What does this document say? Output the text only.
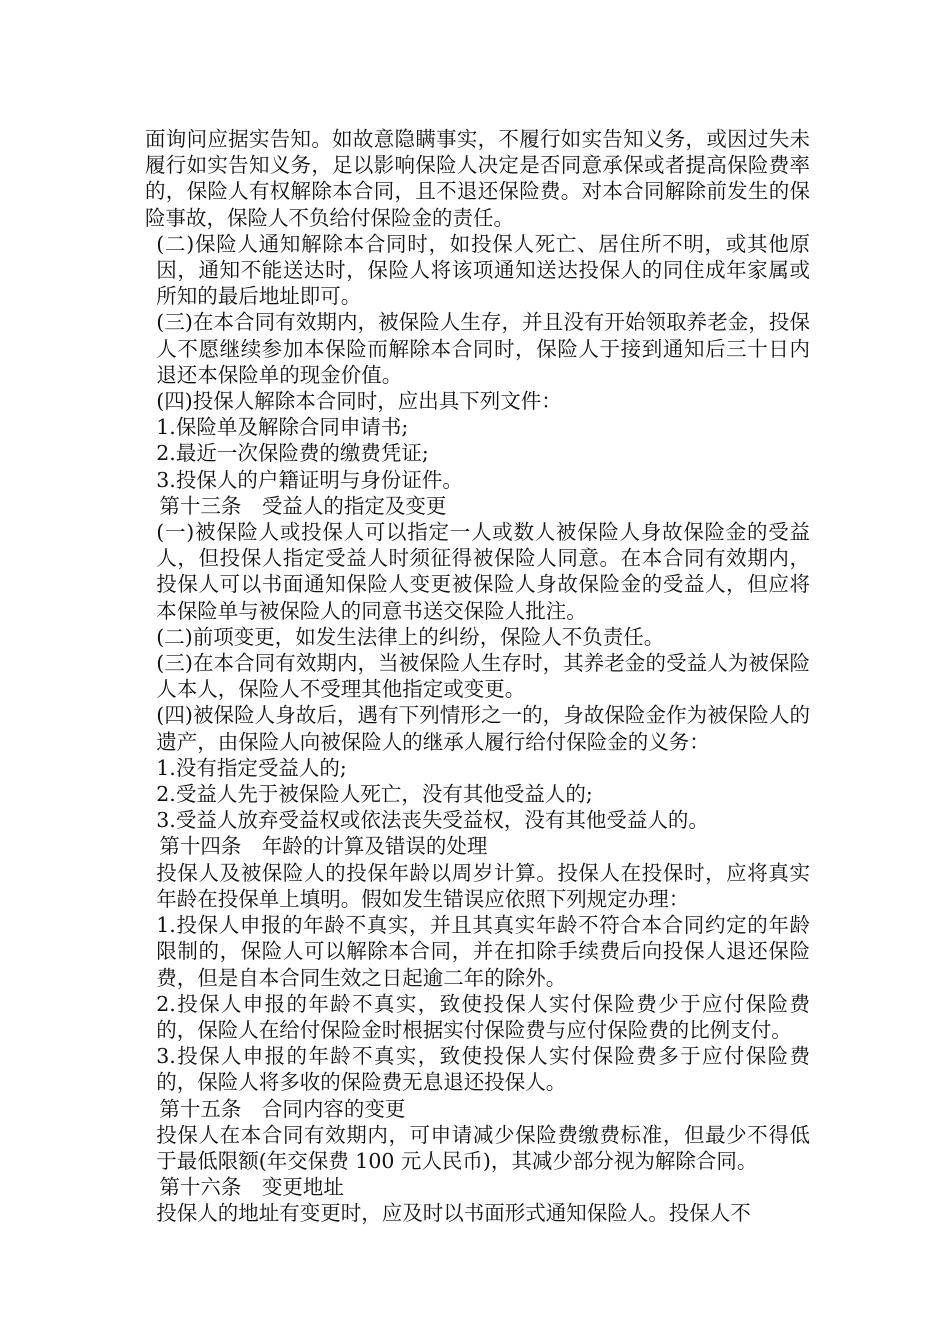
面询问应据实告知。如故意隐瞒事实，不履行如实告知义务，或因过失未履行如实告知义务，足以影响保险人决定是否同意承保或者提高保险费率的，保险人有权解除本合同，且不退还保险费。对本合同解除前发生的保险事故，保险人不负给付保险金的责任。

(二)保险人通知解除本合同时，如投保人死亡、居住所不明，或其他原因，通知不能送达时，保险人将该项通知送达投保人的同住成年家属或所知的最后地址即可。

(三)在本合同有效期内，被保险人生存，并且没有开始领取养老金，投保人不愿继续参加本保险而解除本合同时，保险人于接到通知后三十日内退还本保险单的现金价值。

(四)投保人解除本合同时，应出具下列文件：

1.保险单及解除合同申请书;

2.最近一次保险费的缴费凭证;

3.投保人的户籍证明与身份证件。

第十三条　受益人的指定及变更

(一)被保险人或投保人可以指定一人或数人被保险人身故保险金的受益人，但投保人指定受益人时须征得被保险人同意。在本合同有效期内，投保人可以书面通知保险人变更被保险人身故保险金的受益人，但应将本保险单与被保险人的同意书送交保险人批注。

(二)前项变更，如发生法律上的纠纷，保险人不负责任。

(三)在本合同有效期内，当被保险人生存时，其养老金的受益人为被保险人本人，保险人不受理其他指定或变更。

(四)被保险人身故后，遇有下列情形之一的，身故保险金作为被保险人的遗产，由保险人向被保险人的继承人履行给付保险金的义务：

1.没有指定受益人的;

2.受益人先于被保险人死亡，没有其他受益人的;

3.受益人放弃受益权或依法丧失受益权，没有其他受益人的。

第十四条　年龄的计算及错误的处理

投保人及被保险人的投保年龄以周岁计算。投保人在投保时，应将真实年龄在投保单上填明。假如发生错误应依照下列规定办理：

1.投保人申报的年龄不真实，并且其真实年龄不符合本合同约定的年龄限制的，保险人可以解除本合同，并在扣除手续费后向投保人退还保险费，但是自本合同生效之日起逾二年的除外。

2.投保人申报的年龄不真实，致使投保人实付保险费少于应付保险费的，保险人在给付保险金时根据实付保险费与应付保险费的比例支付。

3.投保人申报的年龄不真实，致使投保人实付保险费多于应付保险费的，保险人将多收的保险费无息退还投保人。

第十五条　合同内容的变更

投保人在本合同有效期内，可申请减少保险费缴费标准，但最少不得低于最低限额(年交保费 100 元人民币)，其减少部分视为解除合同。

第十六条　变更地址

投保人的地址有变更时，应及时以书面形式通知保险人。投保人不
